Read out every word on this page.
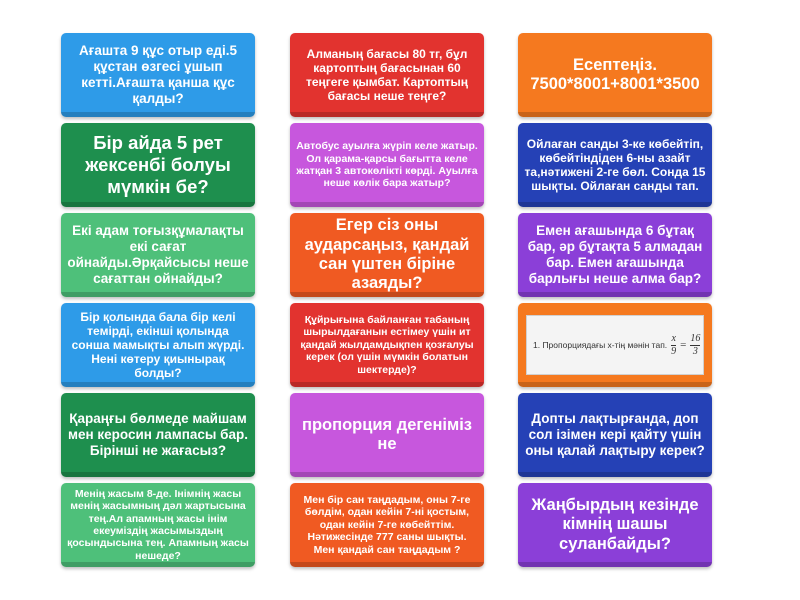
Ағашта 9 құс отыр еді.5 құстан өзгесі ұшып кетті.Ағашта қанша құс қалды?
Алманың бағасы 80 тг, бұл картоптың бағасынан 60 теңгеге қымбат. Картоптың бағасы неше теңге?
Есептеңіз. 7500*8001+8001*3500
Бір айда 5 рет жексенбі болуы мүмкін бе?
Автобус ауылға жүріп келе жатыр. Ол қарама-қарсы бағытта келе жатқан 3 автокөлікті көрді. Ауылға неше көлік бара жатыр?
Ойлаған санды 3-ке көбейтіп, көбейтіндіден 6-ны азайт та,нәтижені 2-ге бөл. Сонда 15 шықты. Ойлаған санды тап.
Екі адам тоғызқұмалақты екі сағат ойнайды.Әрқайсысы неше сағаттан ойнайды?
Егер сіз оны аударсаңыз, қандай сан үштен біріне азаяды?
Емен ағашында 6 бұтақ бар, әр бұтақта 5 алмадан бар. Емен ағашында барлығы неше алма бар?
Бір қолында бала бір келі темірді, екінші қолында сонша мамықты алып жүрді. Нені көтеру қиынырақ болды?
Құйрығына байланған табаның шырылдағанын естімеу үшін ит қандай жылдамдықпен қозғалуы керек (ол үшін мүмкін болатын шектерде)?
1. Пропорциядағы x-тің мәнін тап. $\frac{x}{9} = \frac{16}{3}$
Қараңғы бөлмеде майшам мен керосин лампасы бар. Бірінші не жағасыз?
пропорция дегеніміз не
Допты лақтырғанда, доп сол ізімен кері қайту үшін оны қалай лақтыру керек?
Менің жасым 8-де. Інімнің жасы менің жасымның дәл жартысына тең.Ал апамның жасы інім екеуміздің жасымыздың қосындысына тең. Апамның жасы нешеде?
Мен бір сан таңдадым, оны 7-ге бөлдім, одан кейін 7-ні қостым, одан кейін 7-ге көбейттім. Нәтижесінде 777 саны шықты. Мен қандай сан таңдадым ?
Жаңбырдың кезінде кімнің шашы суланбайды?
